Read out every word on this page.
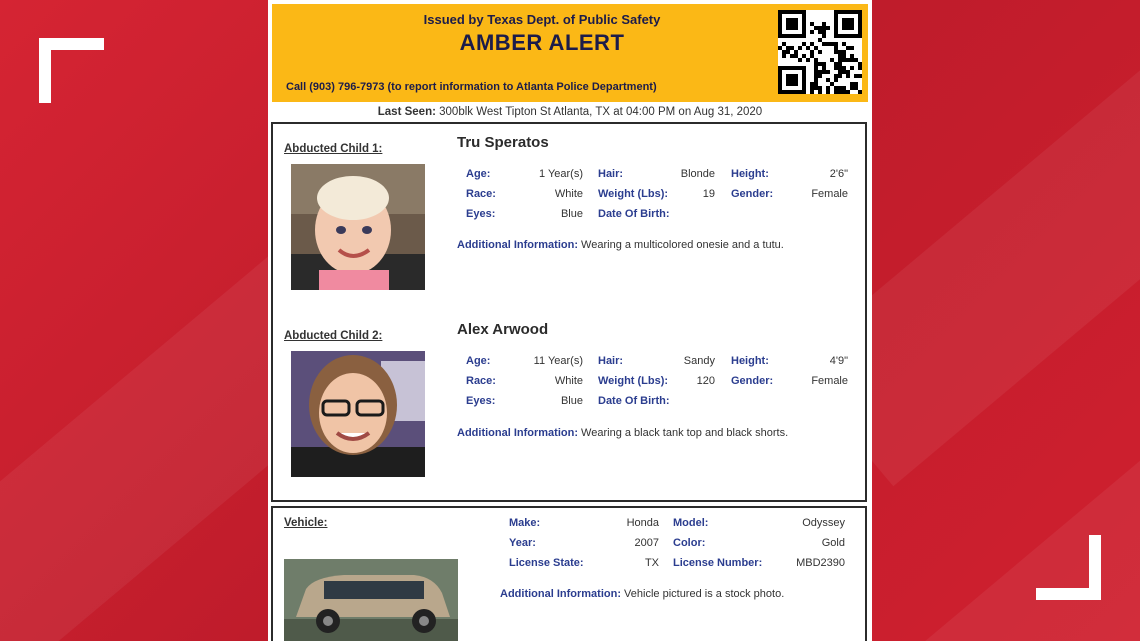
Issued by Texas Dept. of Public Safety
AMBER ALERT
Call (903) 796-7973 (to report information to Atlanta Police Department)
Last Seen: 300blk West Tipton St Atlanta, TX at 04:00 PM on Aug 31, 2020
Abducted Child 1:	Tru Speratos
Age:	1 Year(s) Hair:	Blonde Height:	2'6"
Race:	White Weight (Lbs):	19 Gender:	Female
Eyes:	Blue Date Of Birth:
Additional Information: Wearing a multicolored onesie and a tutu.
Abducted Child 2:	Alex Arwood
Age:	11 Year(s) Hair:	Sandy Height:	4'9"
Race:	White Weight (Lbs):	120 Gender:	Female
Eyes:	Blue Date Of Birth:
Additional Information: Wearing a black tank top and black shorts.
Vehicle:	Make:	Honda Model:	Odyssey
Year:	2007 Color:	Gold
License State:	TX License Number:	MBD2390
Additional Information: Vehicle pictured is a stock photo.
